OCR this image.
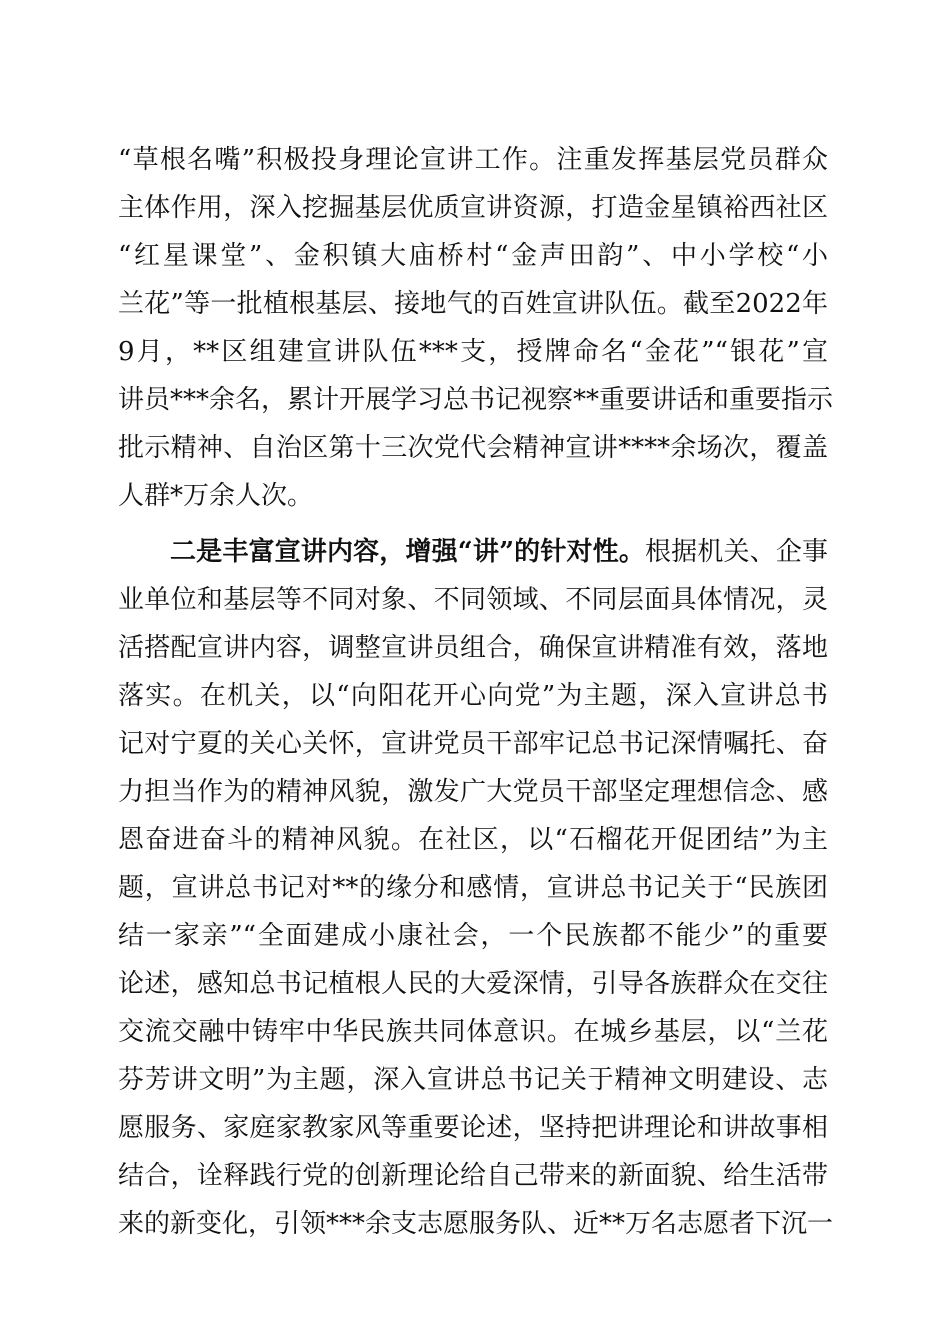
“草根名嘴”积极投身理论宣讲工作。注重发挥基层党员群众
主体作用，深入挖掘基层优质宣讲资源，打造金星镇裕西社区
“红星课堂”、金积镇大庙桥村“金声田韵”、中小学校“小
兰花”等一批植根基层、接地气的百姓宣讲队伍。截至2022年
9月，**区组建宣讲队伍***支，授牌命名“金花”“银花”宣
讲员***余名，累计开展学习总书记视察**重要讲话和重要指示
批示精神、自治区第十三次党代会精神宣讲****余场次，覆盖
人群*万余人次。
二是丰富宣讲内容，增强“讲”的针对性。根据机关、企事
业单位和基层等不同对象、不同领域、不同层面具体情况，灵
活搭配宣讲内容，调整宣讲员组合，确保宣讲精准有效，落地
落实。在机关，以“向阳花开心向党”为主题，深入宣讲总书
记对宁夏的关心关怀，宣讲党员干部牢记总书记深情嘱托、奋
力担当作为的精神风貌，激发广大党员干部坚定理想信念、感
恩奋进奋斗的精神风貌。在社区，以“石榴花开促团结”为主
题，宣讲总书记对**的缘分和感情，宣讲总书记关于“民族团
结一家亲”“全面建成小康社会，一个民族都不能少”的重要
论述，感知总书记植根人民的大爱深情，引导各族群众在交往
交流交融中铸牢中华民族共同体意识。在城乡基层，以“兰花
芬芳讲文明”为主题，深入宣讲总书记关于精神文明建设、志
愿服务、家庭家教家风等重要论述，坚持把讲理论和讲故事相
结合，诠释践行党的创新理论给自己带来的新面貌、给生活带
来的新变化，引领***余支志愿服务队、近**万名志愿者下沉一
